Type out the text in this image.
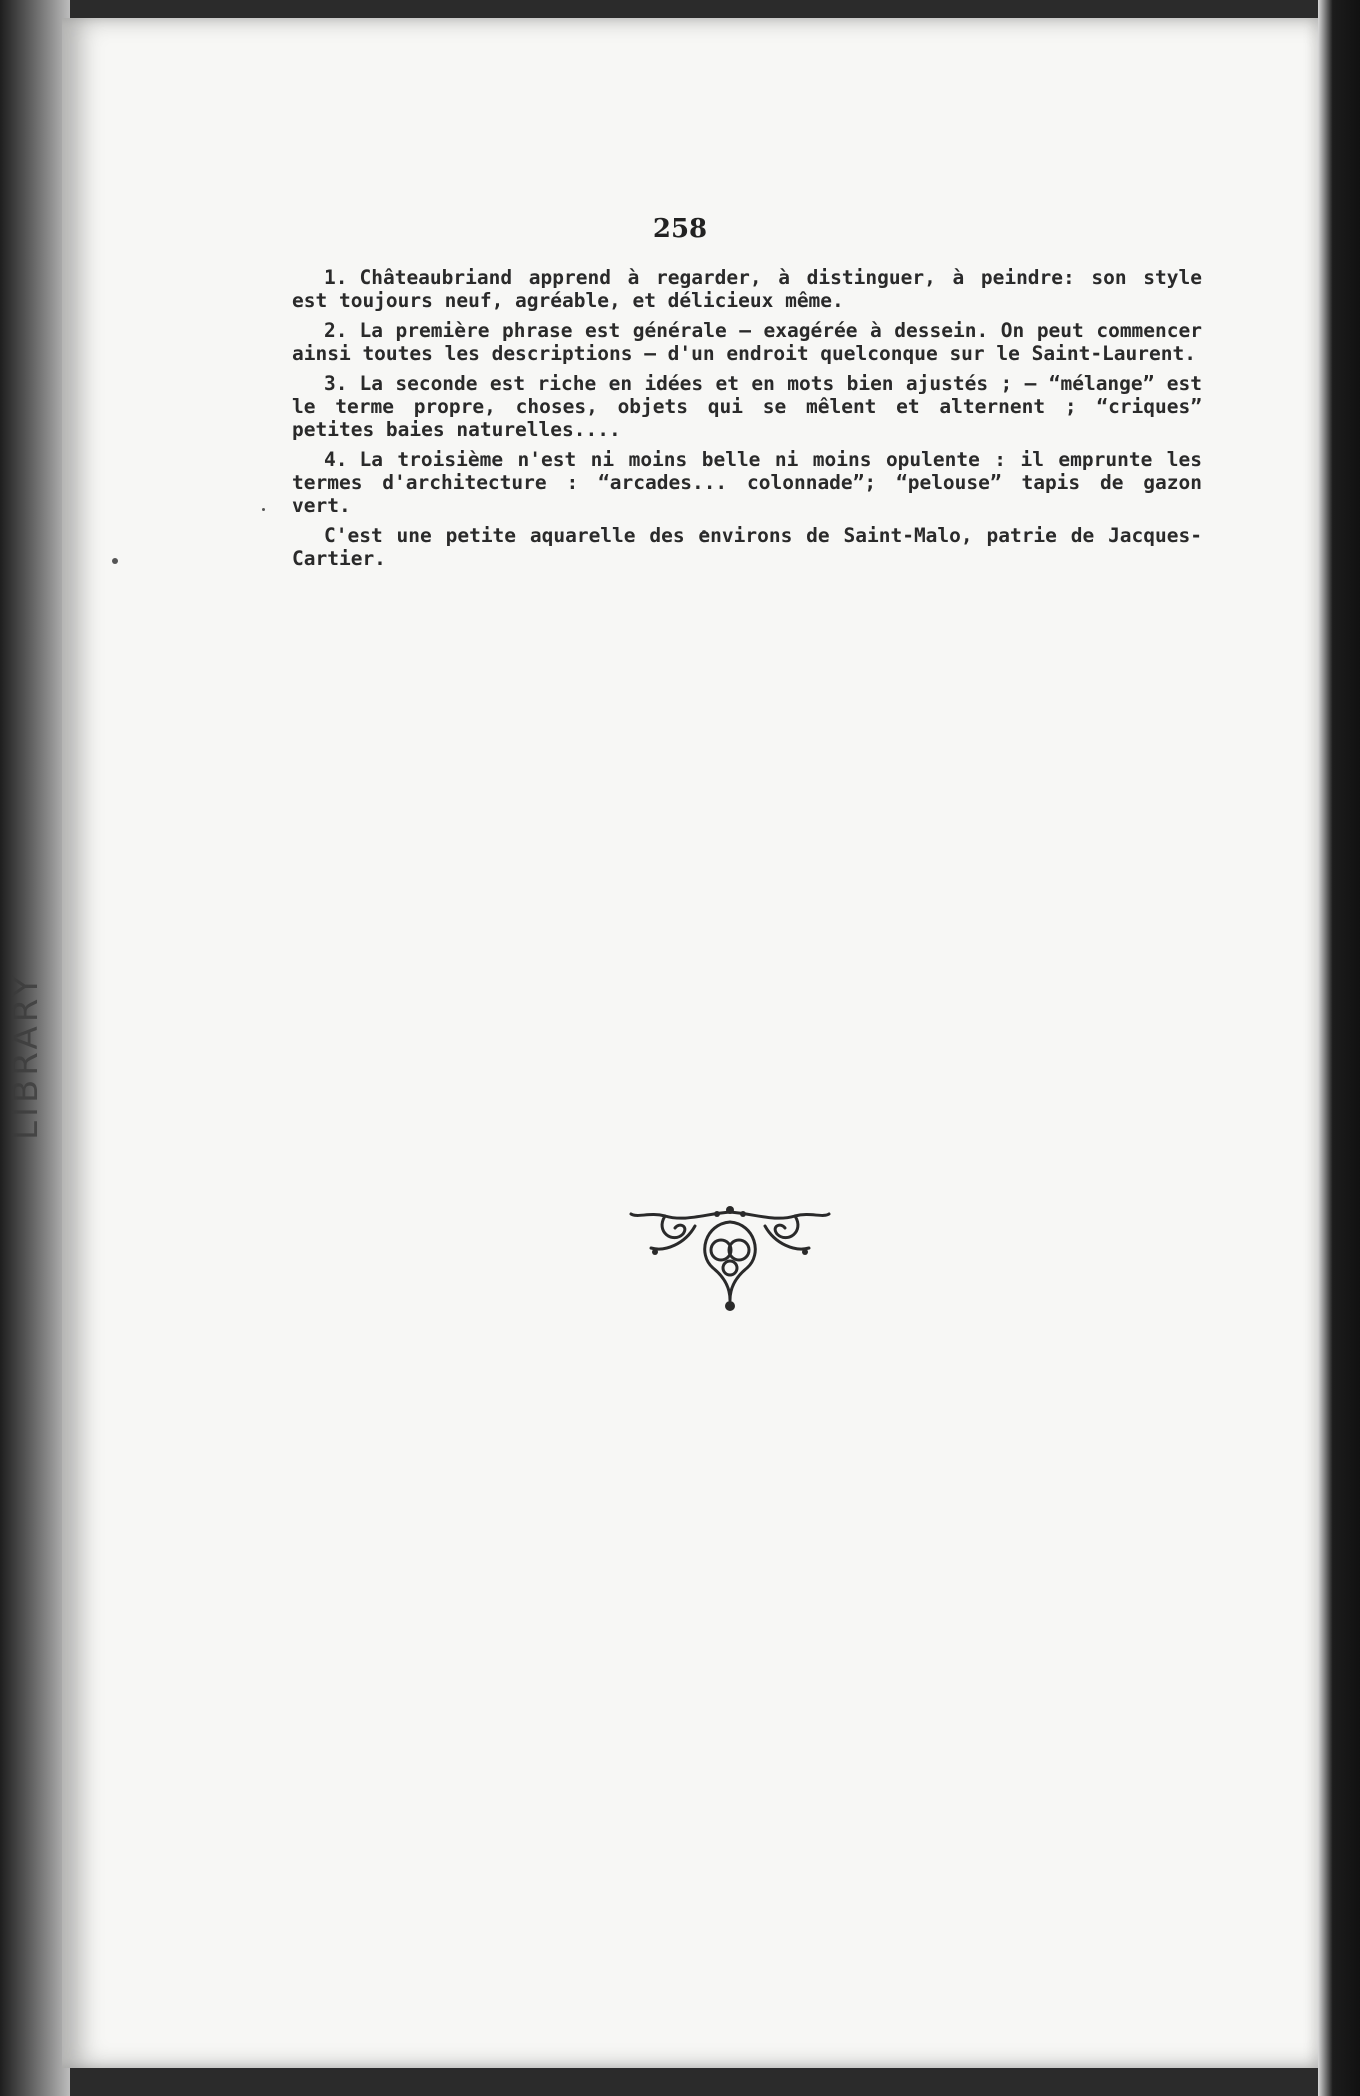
LIBRARY
258

1. Châteaubriand apprend à regarder, à distinguer, à peindre: son style est toujours neuf, agréable, et délicieux même.

2. La première phrase est générale — exagérée à dessein. On peut commencer ainsi toutes les descriptions — d'un endroit quelconque sur le Saint-Laurent.

3. La seconde est riche en idées et en mots bien ajustés ; — “mélange” est le terme propre, choses, objets qui se mêlent et alternent ; “criques” petites baies naturelles....

4. La troisième n'est ni moins belle ni moins opulente : il emprunte les termes d'architecture : “arcades... colonnade”; “pelouse” tapis de gazon vert.

C'est une petite aquarelle des environs de Saint-Malo, patrie de Jacques-Cartier.
